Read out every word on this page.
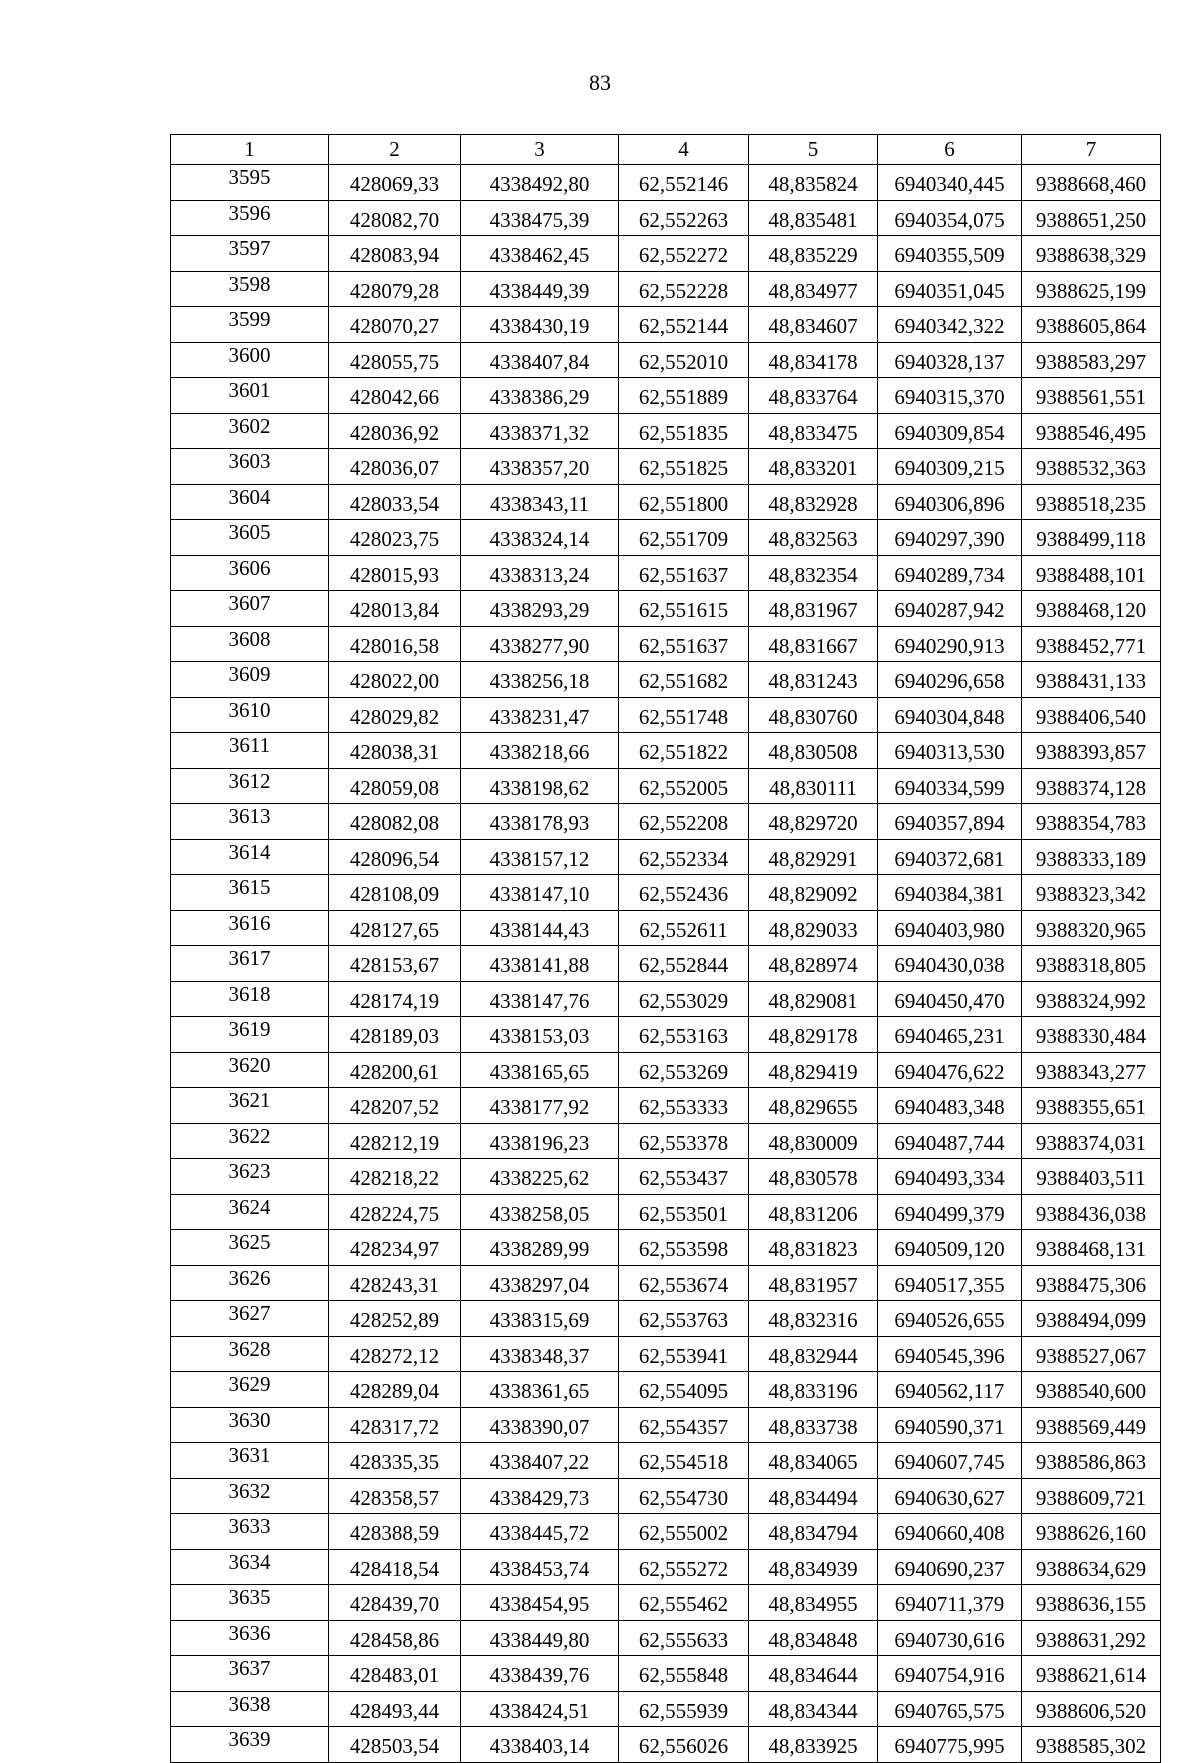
83
1	2	3	4	5	6	7
3595	428069,33	4338492,80	62,552146	48,835824	6940340,445	9388668,460
3596	428082,70	4338475,39	62,552263	48,835481	6940354,075	9388651,250
3597	428083,94	4338462,45	62,552272	48,835229	6940355,509	9388638,329
3598	428079,28	4338449,39	62,552228	48,834977	6940351,045	9388625,199
3599	428070,27	4338430,19	62,552144	48,834607	6940342,322	9388605,864
3600	428055,75	4338407,84	62,552010	48,834178	6940328,137	9388583,297
3601	428042,66	4338386,29	62,551889	48,833764	6940315,370	9388561,551
3602	428036,92	4338371,32	62,551835	48,833475	6940309,854	9388546,495
3603	428036,07	4338357,20	62,551825	48,833201	6940309,215	9388532,363
3604	428033,54	4338343,11	62,551800	48,832928	6940306,896	9388518,235
3605	428023,75	4338324,14	62,551709	48,832563	6940297,390	9388499,118
3606	428015,93	4338313,24	62,551637	48,832354	6940289,734	9388488,101
3607	428013,84	4338293,29	62,551615	48,831967	6940287,942	9388468,120
3608	428016,58	4338277,90	62,551637	48,831667	6940290,913	9388452,771
3609	428022,00	4338256,18	62,551682	48,831243	6940296,658	9388431,133
3610	428029,82	4338231,47	62,551748	48,830760	6940304,848	9388406,540
3611	428038,31	4338218,66	62,551822	48,830508	6940313,530	9388393,857
3612	428059,08	4338198,62	62,552005	48,830111	6940334,599	9388374,128
3613	428082,08	4338178,93	62,552208	48,829720	6940357,894	9388354,783
3614	428096,54	4338157,12	62,552334	48,829291	6940372,681	9388333,189
3615	428108,09	4338147,10	62,552436	48,829092	6940384,381	9388323,342
3616	428127,65	4338144,43	62,552611	48,829033	6940403,980	9388320,965
3617	428153,67	4338141,88	62,552844	48,828974	6940430,038	9388318,805
3618	428174,19	4338147,76	62,553029	48,829081	6940450,470	9388324,992
3619	428189,03	4338153,03	62,553163	48,829178	6940465,231	9388330,484
3620	428200,61	4338165,65	62,553269	48,829419	6940476,622	9388343,277
3621	428207,52	4338177,92	62,553333	48,829655	6940483,348	9388355,651
3622	428212,19	4338196,23	62,553378	48,830009	6940487,744	9388374,031
3623	428218,22	4338225,62	62,553437	48,830578	6940493,334	9388403,511
3624	428224,75	4338258,05	62,553501	48,831206	6940499,379	9388436,038
3625	428234,97	4338289,99	62,553598	48,831823	6940509,120	9388468,131
3626	428243,31	4338297,04	62,553674	48,831957	6940517,355	9388475,306
3627	428252,89	4338315,69	62,553763	48,832316	6940526,655	9388494,099
3628	428272,12	4338348,37	62,553941	48,832944	6940545,396	9388527,067
3629	428289,04	4338361,65	62,554095	48,833196	6940562,117	9388540,600
3630	428317,72	4338390,07	62,554357	48,833738	6940590,371	9388569,449
3631	428335,35	4338407,22	62,554518	48,834065	6940607,745	9388586,863
3632	428358,57	4338429,73	62,554730	48,834494	6940630,627	9388609,721
3633	428388,59	4338445,72	62,555002	48,834794	6940660,408	9388626,160
3634	428418,54	4338453,74	62,555272	48,834939	6940690,237	9388634,629
3635	428439,70	4338454,95	62,555462	48,834955	6940711,379	9388636,155
3636	428458,86	4338449,80	62,555633	48,834848	6940730,616	9388631,292
3637	428483,01	4338439,76	62,555848	48,834644	6940754,916	9388621,614
3638	428493,44	4338424,51	62,555939	48,834344	6940765,575	9388606,520
3639	428503,54	4338403,14	62,556026	48,833925	6940775,995	9388585,302
